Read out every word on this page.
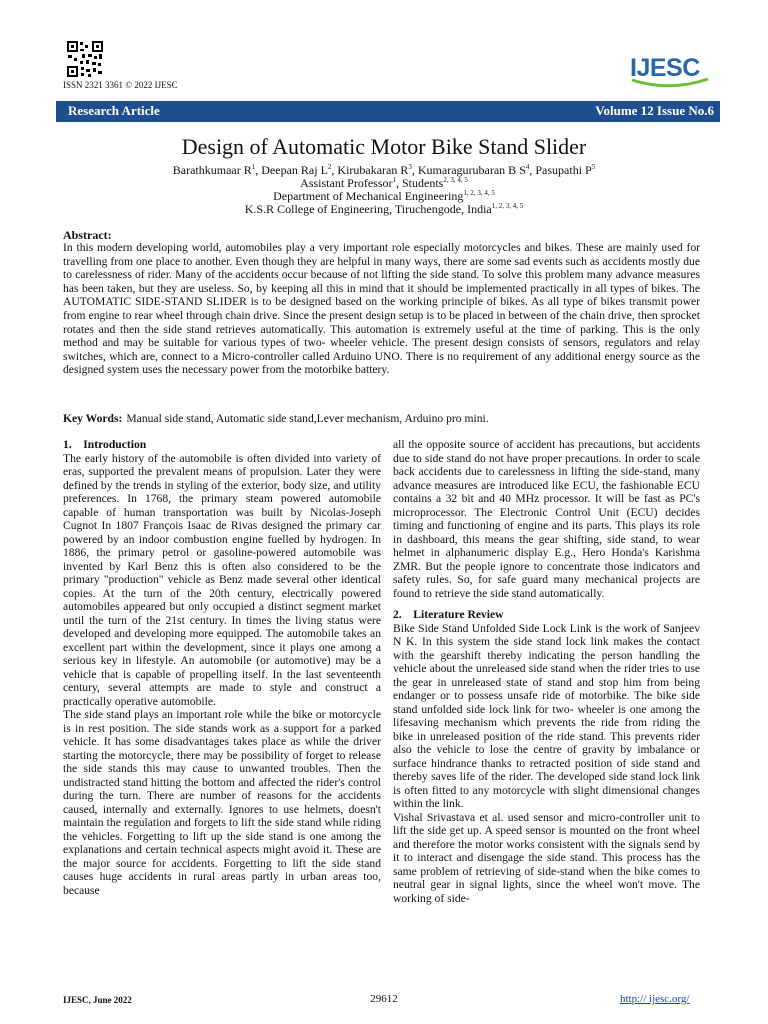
ISSN 2321 3361 © 2022 IJESC
IJESC
Research Article	Volume 12 Issue No.6
Design of Automatic Motor Bike Stand Slider
Barathkumaar $R^1$, Deepan Raj $L^2$, Kirubakaran $R^3$, Kumaragurubaran B $S^4$, Pasupathi $P^5$
Assistant Professor$^1$, Students$^{2, 3, 4, 5}$
Department of Mechanical Engineering$^{1, 2, 3, 4, 5}$
K.S.R College of Engineering, Tiruchengode, India$^{1, 2, 3, 4, 5}$
Abstract:
In this modern developing world, automobiles play a very important role especially motorcycles and bikes. These are mainly used for travelling from one place to another. Even though they are helpful in many ways, there are some sad events such as accidents mostly due to carelessness of rider. Many of the accidents occur because of not lifting the side stand. To solve this problem many advance measures has been taken, but they are useless. So, by keeping all this in mind that it should be implemented practically in all types of bikes. The AUTOMATIC SIDE-STAND SLIDER is to be designed based on the working principle of bikes. As all type of bikes transmit power from engine to rear wheel through chain drive. Since the present design setup is to be placed in between of the chain drive, then sprocket rotates and then the side stand retrieves automatically. This automation is extremely useful at the time of parking. This is the only method and may be suitable for various types of two- wheeler vehicle. The present design consists of sensors, regulators and relay switches, which are, connect to a Micro-controller called Arduino UNO. There is no requirement of any additional energy source as the designed system uses the necessary power from the motorbike battery.
Key Words: Manual side stand, Automatic side stand,Lever mechanism, Arduino pro mini.

1.    Introduction

The early history of the automobile is often divided into variety of eras, supported the prevalent means of propulsion. Later they were defined by the trends in styling of the exterior, body size, and utility preferences. In 1768, the primary steam powered automobile capable of human transportation was built by Nicolas-Joseph Cugnot In 1807 François Isaac de Rivas designed the primary car powered by an indoor combustion engine fuelled by hydrogen. In 1886, the primary petrol or gasoline-powered automobile was invented by Karl Benz this is often also considered to be the primary "production" vehicle as Benz made several other identical copies. At the turn of the 20th century, electrically powered automobiles appeared but only occupied a distinct segment market until the turn of the 21st century. In times the living status were developed and developing more equipped. The automobile takes an excellent part within the development, since it plays one among a serious key in lifestyle. An automobile (or automotive) may be a vehicle that is capable of propelling itself. In the last seventeenth century, several attempts are made to style and construct a practically operative automobile.

The side stand plays an important role while the bike or motorcycle is in rest position. The side stands work as a support for a parked vehicle. It has some disadvantages takes place as while the driver starting the motorcycle, there may be possibility of forget to release the side stands this may cause to unwanted troubles. Then the undistracted stand hitting the bottom and affected the rider's control during the turn. There are number of reasons for the accidents caused, internally and externally. Ignores to use helmets, doesn't maintain the regulation and forgets to lift the side stand while riding the vehicles. Forgetting to lift up the side stand is one among the explanations and certain technical aspects might avoid it. These are the major source for accidents. Forgetting to lift the side stand causes huge accidents in rural areas partly in urban areas too, because

all the opposite source of accident has precautions, but accidents due to side stand do not have proper precautions. In order to scale back accidents due to carelessness in lifting the side-stand, many advance measures are introduced like ECU, the fashionable ECU contains a 32 bit and 40 MHz processor. It will be fast as PC's microprocessor. The Electronic Control Unit (ECU) decides timing and functioning of engine and its parts. This plays its role in dashboard, this means the gear shifting, side stand, to wear helmet in alphanumeric display E.g., Hero Honda's Karishma ZMR. But the people ignore to concentrate those indicators and safety rules. So, for safe guard many mechanical projects are found to retrieve the side stand automatically.

2.    Literature Review

Bike Side Stand Unfolded Side Lock Link is the work of Sanjeev N K. In this system the side stand lock link makes the contact with the gearshift thereby indicating the person handling the vehicle about the unreleased side stand when the rider tries to use the gear in unreleased state of stand and stop him from being endanger or to possess unsafe ride of motorbike. The bike side stand unfolded side lock link for two- wheeler is one among the lifesaving mechanism which prevents the ride from riding the bike in unreleased position of the ride stand. This prevents rider also the vehicle to lose the centre of gravity by imbalance or surface hindrance thanks to retracted position of side stand and thereby saves life of the rider. The developed side stand lock link is often fitted to any motorcycle with slight dimensional changes within the link.

Vishal Srivastava et al. used sensor and micro-controller unit to lift the side get up. A speed sensor is mounted on the front wheel and therefore the motor works consistent with the signals send by it to interact and disengage the side stand. This process has the same problem of retrieving of side-stand when the bike comes to neutral gear in signal lights, since the wheel won't move. The working of side-

IJESC, June 2022	29612	http:// ijesc.org/
